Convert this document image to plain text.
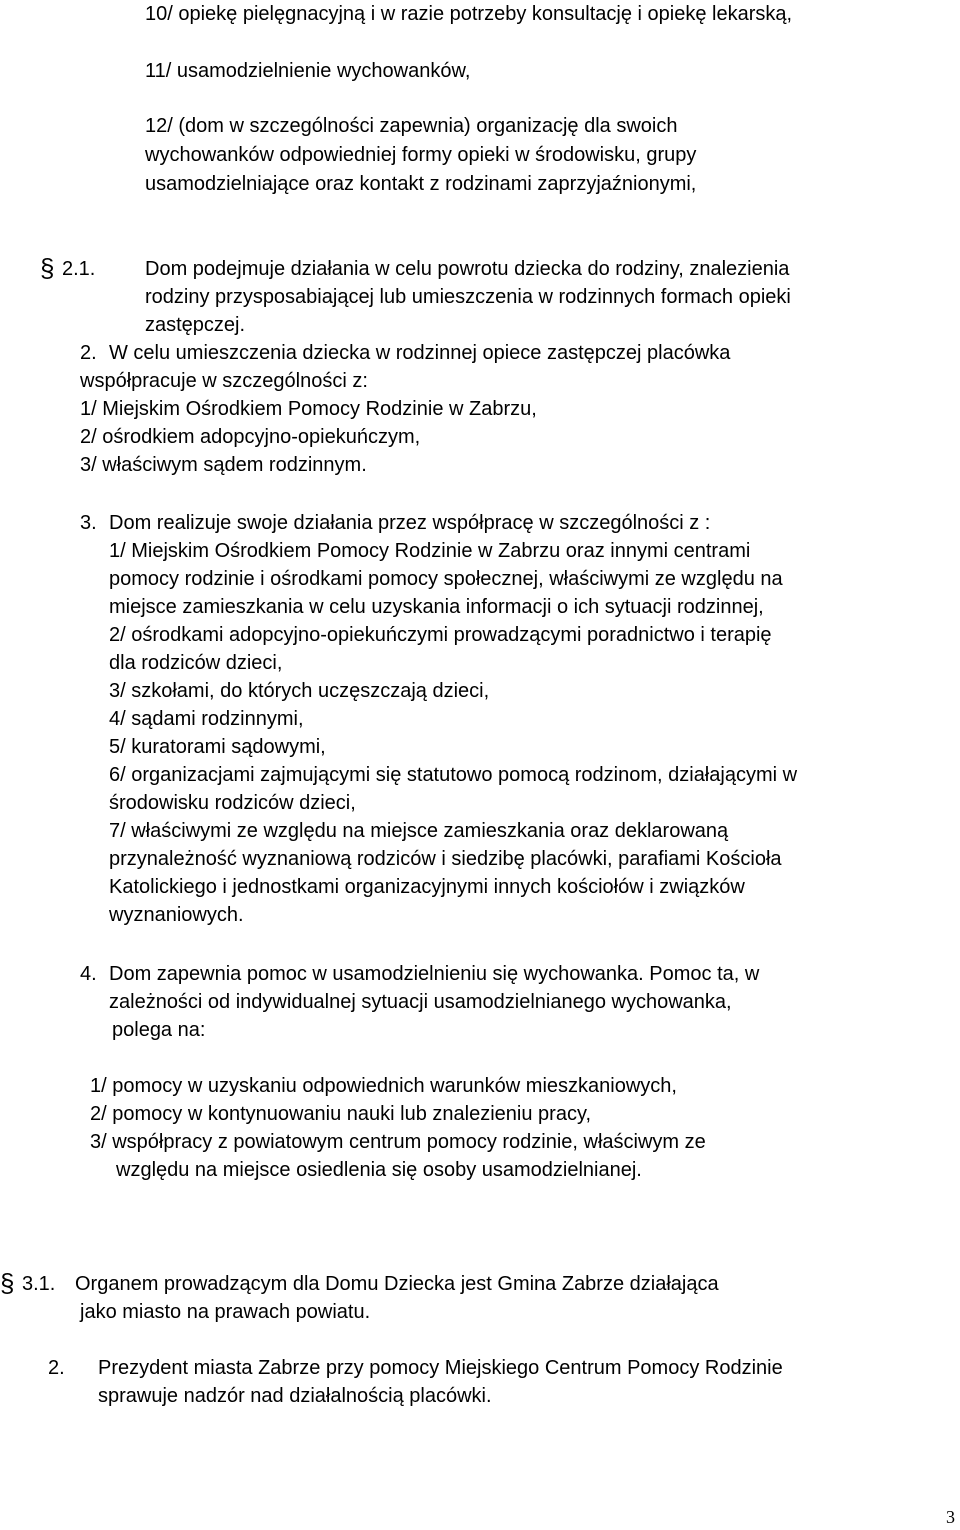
10/ opiekę pielęgnacyjną i w razie potrzeby konsultację i opiekę lekarską,
11/ usamodzielnienie wychowanków,
12/ (dom w szczególności zapewnia) organizację dla swoich
wychowanków odpowiedniej formy opieki w środowisku, grupy
usamodzielniające oraz kontakt z rodzinami zaprzyjaźnionymi,
§ 2.1. Dom podejmuje działania w celu powrotu dziecka do rodziny, znalezienia
rodziny przysposabiającej lub umieszczenia w rodzinnych formach opieki
zastępczej.
2. W celu umieszczenia dziecka w rodzinnej opiece zastępczej placówka
współpracuje w szczególności z:
1/ Miejskim Ośrodkiem Pomocy Rodzinie w Zabrzu,
2/ ośrodkiem adopcyjno-opiekuńczym,
3/ właściwym sądem rodzinnym.
3. Dom realizuje swoje działania przez współpracę w szczególności z :
1/ Miejskim Ośrodkiem Pomocy Rodzinie w Zabrzu oraz innymi centrami
pomocy rodzinie i ośrodkami pomocy społecznej, właściwymi ze względu na
miejsce zamieszkania w celu uzyskania informacji o ich sytuacji rodzinnej,
2/ ośrodkami adopcyjno-opiekuńczymi prowadzącymi poradnictwo i terapię
dla rodziców dzieci,
3/ szkołami, do których uczęszczają dzieci,
4/ sądami rodzinnymi,
5/ kuratorami sądowymi,
6/ organizacjami zajmującymi się statutowo pomocą rodzinom, działającymi w
środowisku rodziców dzieci,
7/ właściwymi ze względu na miejsce zamieszkania oraz deklarowaną
przynależność wyznaniową rodziców i siedzibę placówki, parafiami Kościoła
Katolickiego i jednostkami organizacyjnymi innych kościołów i związków
wyznaniowych.
4. Dom zapewnia pomoc w usamodzielnieniu się wychowanka. Pomoc ta, w
zależności od indywidualnej sytuacji usamodzielnianego wychowanka,
polega na:
1/ pomocy w uzyskaniu odpowiednich warunków mieszkaniowych,
2/ pomocy w kontynuowaniu nauki lub znalezieniu pracy,
3/ współpracy z powiatowym centrum pomocy rodzinie, właściwym ze
względu na miejsce osiedlenia się osoby usamodzielnianej.
§ 3.1. Organem prowadzącym dla Domu Dziecka jest Gmina Zabrze działająca
jako miasto na prawach powiatu.
2. Prezydent miasta Zabrze przy pomocy Miejskiego Centrum Pomocy Rodzinie
sprawuje nadzór nad działalnością placówki.
3
